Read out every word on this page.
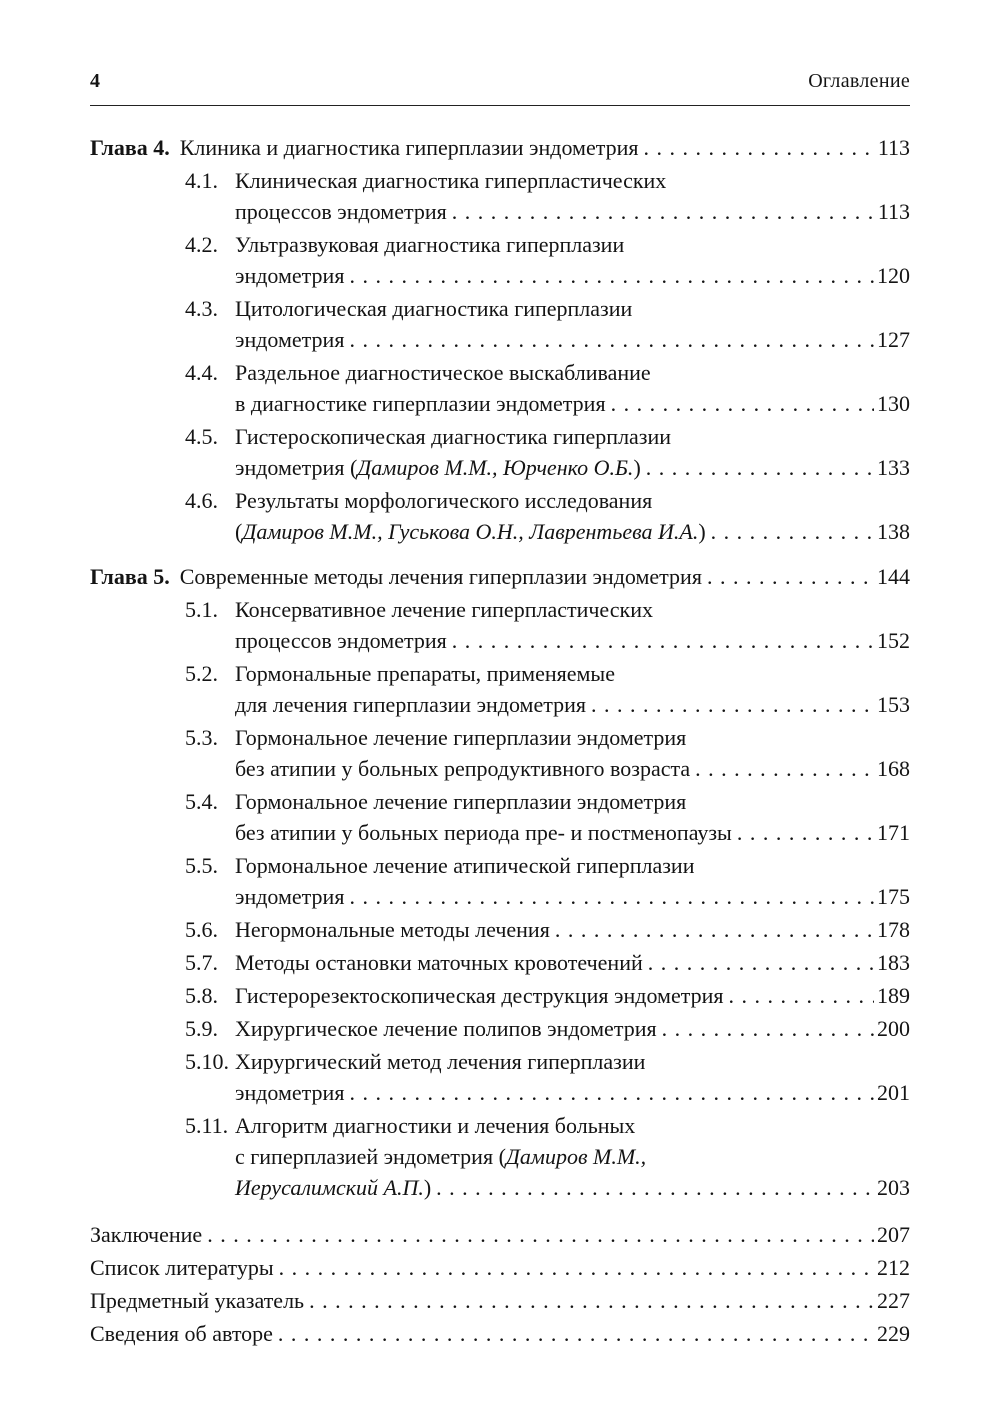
4	Оглавление
Глава 4. Клиника и диагностика гиперплазии эндометрия . . .	113
4.1. Клиническая диагностика гиперпластических
процессов эндометрия . . .	113
4.2. Ультразвуковая диагностика гиперплазии
эндометрия . . .	120
4.3. Цитологическая диагностика гиперплазии
эндометрия . . .	127
4.4. Раздельное диагностическое выскабливание
в диагностике гиперплазии эндометрия . . .	130
4.5. Гистероскопическая диагностика гиперплазии
эндометрия (Дамиров М.М., Юрченко О.Б.) . . .	133
4.6. Результаты морфологического исследования
(Дамиров М.М., Гуськова О.Н., Лаврентьева И.А.) . . .	138
Глава 5. Современные методы лечения гиперплазии эндометрия . . .	144
5.1. Консервативное лечение гиперпластических
процессов эндометрия . . .	152
5.2. Гормональные препараты, применяемые
для лечения гиперплазии эндометрия . . .	153
5.3. Гормональное лечение гиперплазии эндометрия
без атипии у больных репродуктивного возраста . . .	168
5.4. Гормональное лечение гиперплазии эндометрия
без атипии у больных периода пре- и постменопаузы . . .	171
5.5. Гормональное лечение атипической гиперплазии
эндометрия . . .	175
5.6. Негормональные методы лечения . . .	178
5.7. Методы остановки маточных кровотечений . . .	183
5.8. Гистерорезектоскопическая деструкция эндометрия . . .	189
5.9. Хирургическое лечение полипов эндометрия . . .	200
5.10. Хирургический метод лечения гиперплазии
эндометрия . . .	201
5.11. Алгоритм диагностики и лечения больных
с гиперплазией эндометрия (Дамиров М.М.,
Иерусалимский А.П.) . . .	203
Заключение . . .	207
Список литературы . . .	212
Предметный указатель . . .	227
Сведения об авторе . . .	229
